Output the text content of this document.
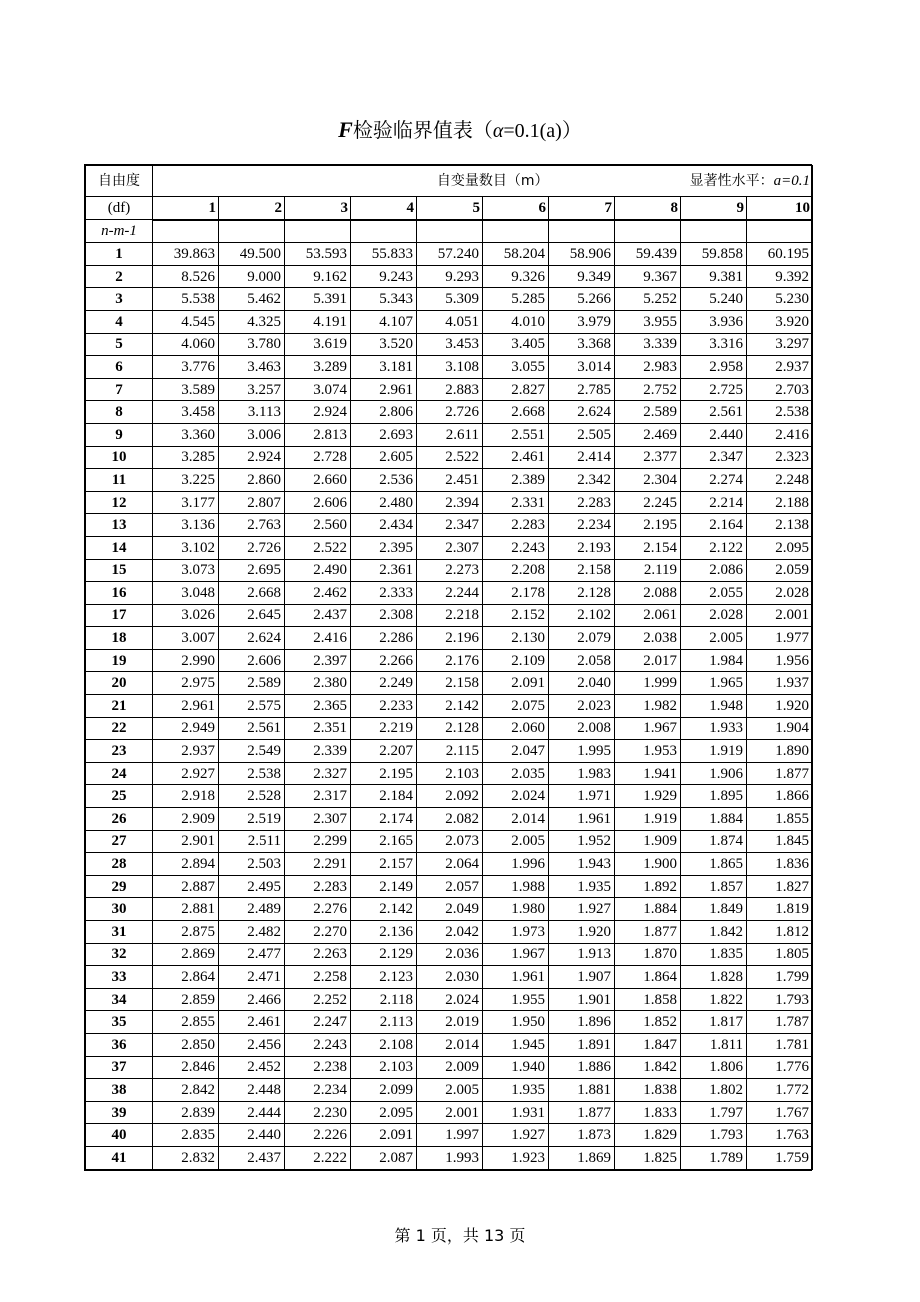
F检验临界值表（α=0.1(a)）
自由度	自变量数目（m）						显著性水平：a=0.1			
(df)	1	2	3	4	5	6	7	8	9	10
n-m-1										
1	39.863	49.500	53.593	55.833	57.240	58.204	58.906	59.439	59.858	60.195
2	8.526	9.000	9.162	9.243	9.293	9.326	9.349	9.367	9.381	9.392
3	5.538	5.462	5.391	5.343	5.309	5.285	5.266	5.252	5.240	5.230
4	4.545	4.325	4.191	4.107	4.051	4.010	3.979	3.955	3.936	3.920
5	4.060	3.780	3.619	3.520	3.453	3.405	3.368	3.339	3.316	3.297
6	3.776	3.463	3.289	3.181	3.108	3.055	3.014	2.983	2.958	2.937
7	3.589	3.257	3.074	2.961	2.883	2.827	2.785	2.752	2.725	2.703
8	3.458	3.113	2.924	2.806	2.726	2.668	2.624	2.589	2.561	2.538
9	3.360	3.006	2.813	2.693	2.611	2.551	2.505	2.469	2.440	2.416
10	3.285	2.924	2.728	2.605	2.522	2.461	2.414	2.377	2.347	2.323
11	3.225	2.860	2.660	2.536	2.451	2.389	2.342	2.304	2.274	2.248
12	3.177	2.807	2.606	2.480	2.394	2.331	2.283	2.245	2.214	2.188
13	3.136	2.763	2.560	2.434	2.347	2.283	2.234	2.195	2.164	2.138
14	3.102	2.726	2.522	2.395	2.307	2.243	2.193	2.154	2.122	2.095
15	3.073	2.695	2.490	2.361	2.273	2.208	2.158	2.119	2.086	2.059
16	3.048	2.668	2.462	2.333	2.244	2.178	2.128	2.088	2.055	2.028
17	3.026	2.645	2.437	2.308	2.218	2.152	2.102	2.061	2.028	2.001
18	3.007	2.624	2.416	2.286	2.196	2.130	2.079	2.038	2.005	1.977
19	2.990	2.606	2.397	2.266	2.176	2.109	2.058	2.017	1.984	1.956
20	2.975	2.589	2.380	2.249	2.158	2.091	2.040	1.999	1.965	1.937
21	2.961	2.575	2.365	2.233	2.142	2.075	2.023	1.982	1.948	1.920
22	2.949	2.561	2.351	2.219	2.128	2.060	2.008	1.967	1.933	1.904
23	2.937	2.549	2.339	2.207	2.115	2.047	1.995	1.953	1.919	1.890
24	2.927	2.538	2.327	2.195	2.103	2.035	1.983	1.941	1.906	1.877
25	2.918	2.528	2.317	2.184	2.092	2.024	1.971	1.929	1.895	1.866
26	2.909	2.519	2.307	2.174	2.082	2.014	1.961	1.919	1.884	1.855
27	2.901	2.511	2.299	2.165	2.073	2.005	1.952	1.909	1.874	1.845
28	2.894	2.503	2.291	2.157	2.064	1.996	1.943	1.900	1.865	1.836
29	2.887	2.495	2.283	2.149	2.057	1.988	1.935	1.892	1.857	1.827
30	2.881	2.489	2.276	2.142	2.049	1.980	1.927	1.884	1.849	1.819
31	2.875	2.482	2.270	2.136	2.042	1.973	1.920	1.877	1.842	1.812
32	2.869	2.477	2.263	2.129	2.036	1.967	1.913	1.870	1.835	1.805
33	2.864	2.471	2.258	2.123	2.030	1.961	1.907	1.864	1.828	1.799
34	2.859	2.466	2.252	2.118	2.024	1.955	1.901	1.858	1.822	1.793
35	2.855	2.461	2.247	2.113	2.019	1.950	1.896	1.852	1.817	1.787
36	2.850	2.456	2.243	2.108	2.014	1.945	1.891	1.847	1.811	1.781
37	2.846	2.452	2.238	2.103	2.009	1.940	1.886	1.842	1.806	1.776
38	2.842	2.448	2.234	2.099	2.005	1.935	1.881	1.838	1.802	1.772
39	2.839	2.444	2.230	2.095	2.001	1.931	1.877	1.833	1.797	1.767
40	2.835	2.440	2.226	2.091	1.997	1.927	1.873	1.829	1.793	1.763
41	2.832	2.437	2.222	2.087	1.993	1.923	1.869	1.825	1.789	1.759
第 1 页，共 13 页
